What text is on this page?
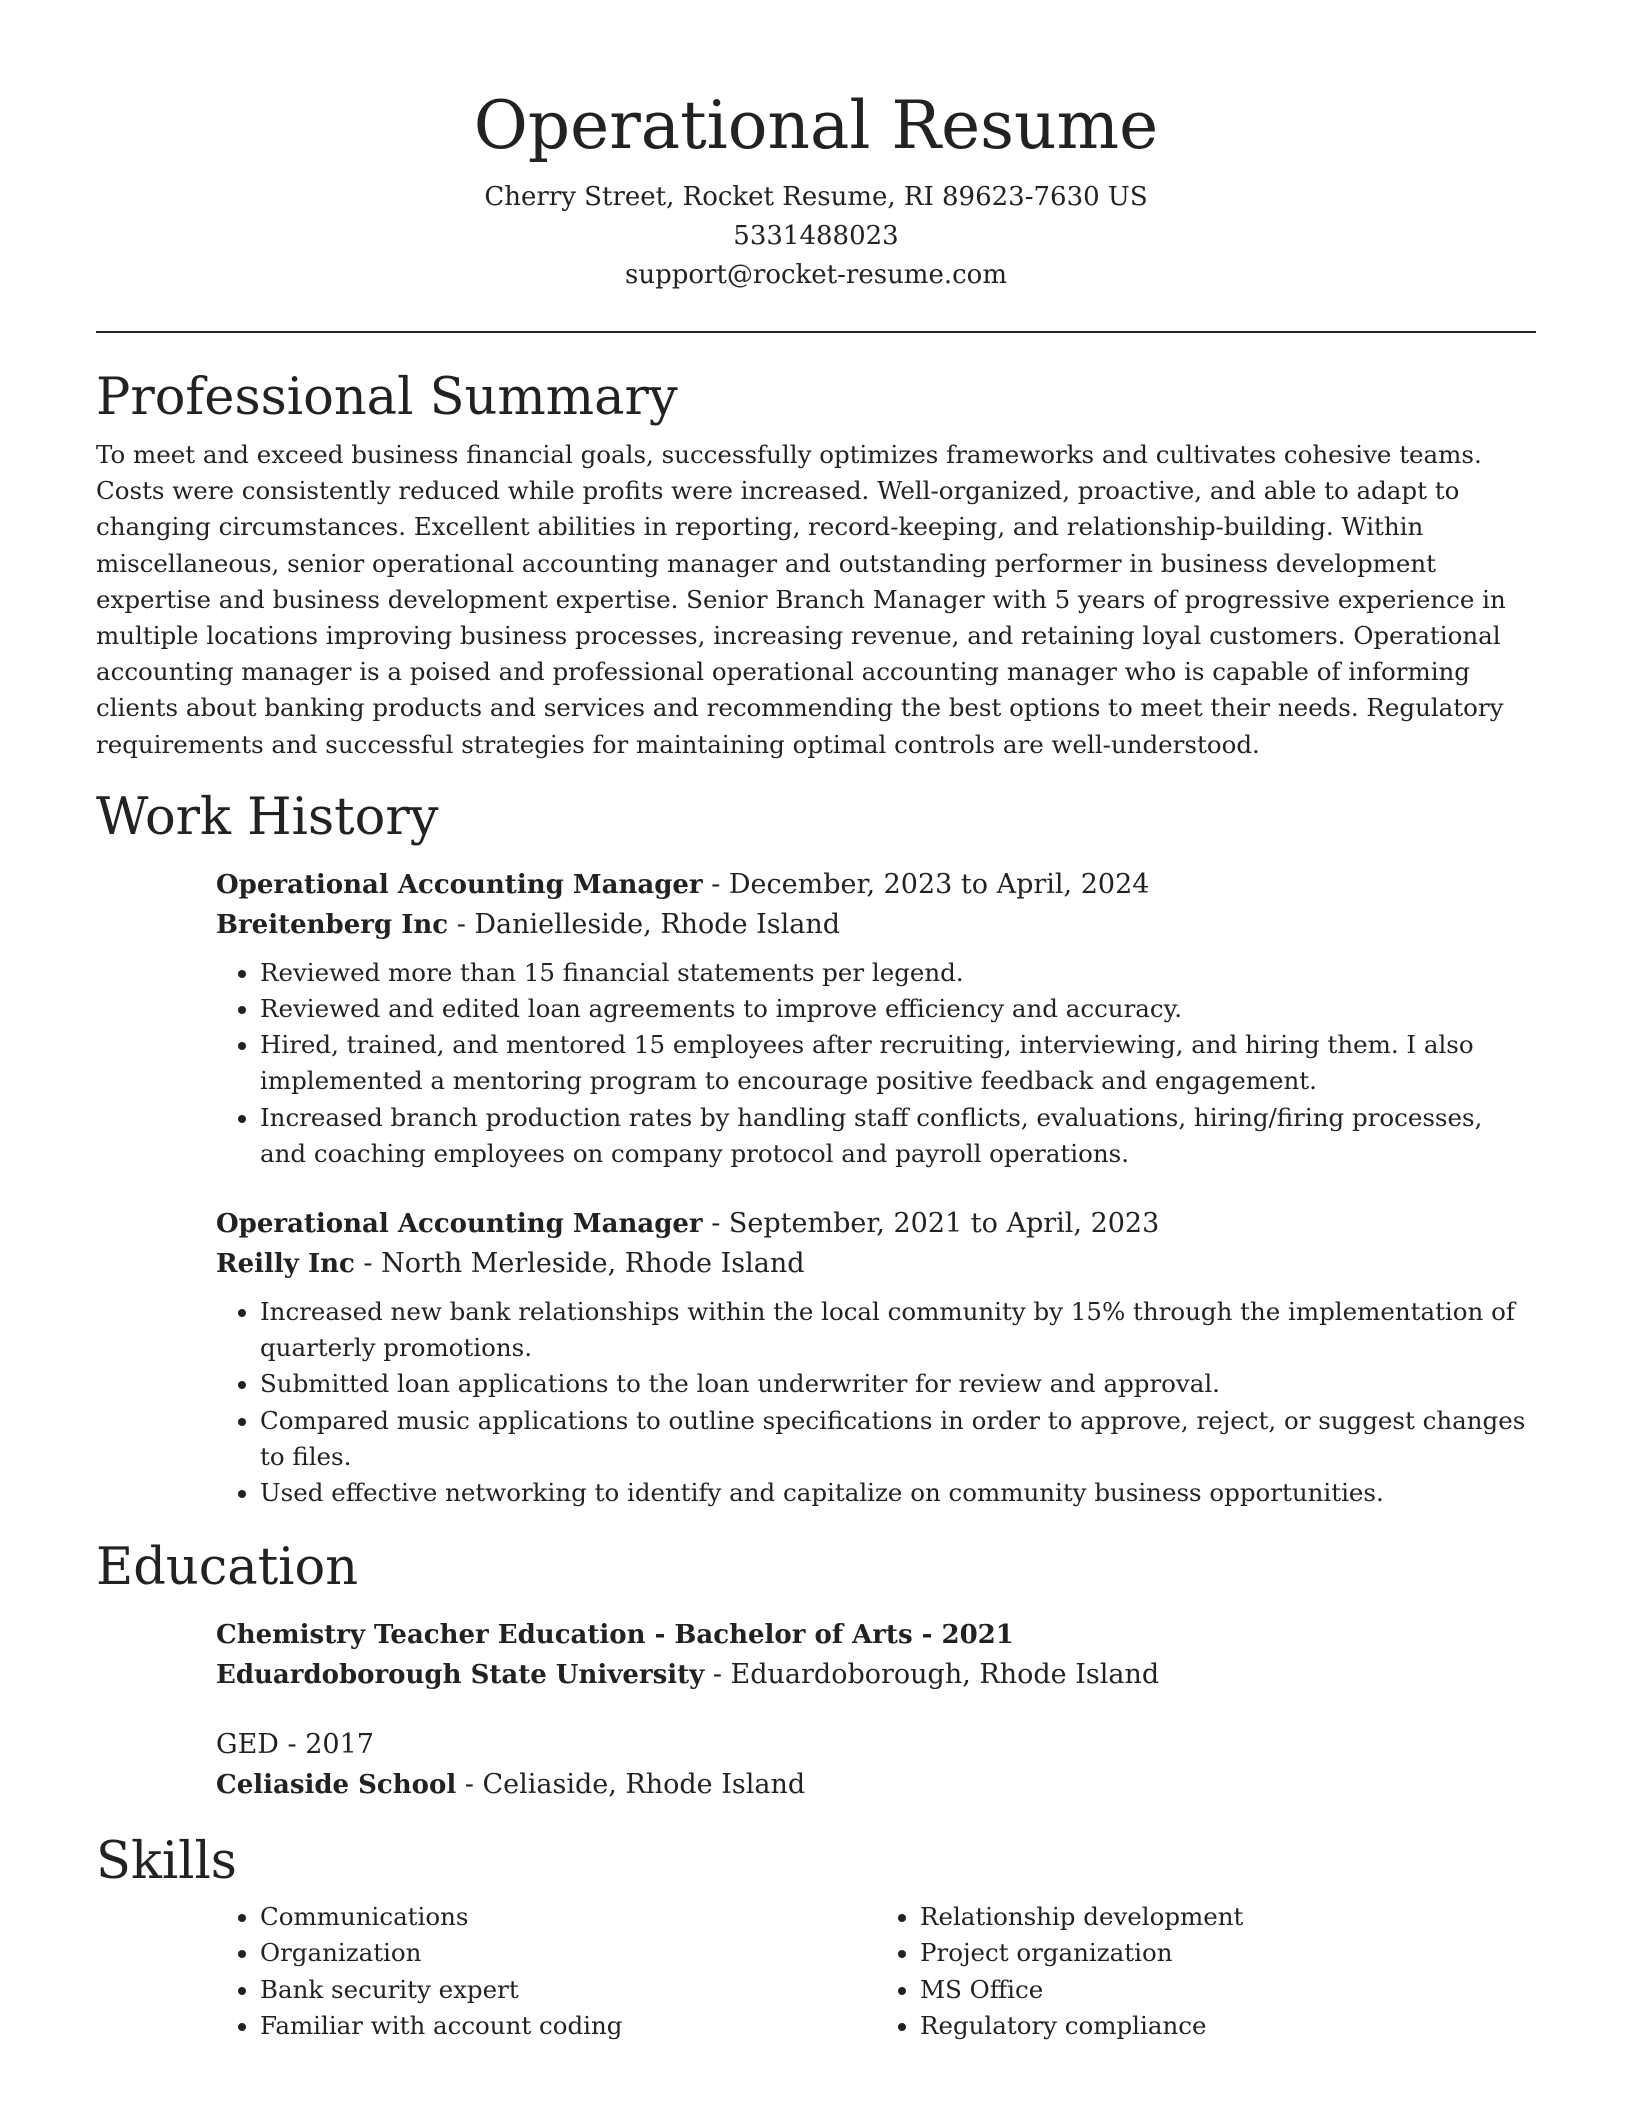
Operational Resume
Cherry Street, Rocket Resume, RI 89623-7630 US
5331488023
support@rocket-resume.com
Professional Summary

To meet and exceed business financial goals, successfully optimizes frameworks and cultivates cohesive teams. Costs were consistently reduced while profits were increased. Well-organized, proactive, and able to adapt to changing circumstances. Excellent abilities in reporting, record-keeping, and relationship-building. Within miscellaneous, senior operational accounting manager and outstanding performer in business development expertise and business development expertise. Senior Branch Manager with 5 years of progressive experience in multiple locations improving business processes, increasing revenue, and retaining loyal customers. Operational accounting manager is a poised and professional operational accounting manager who is capable of informing clients about banking products and services and recommending the best options to meet their needs. Regulatory requirements and successful strategies for maintaining optimal controls are well-understood.

Work History
Operational Accounting Manager - December, 2023 to April, 2024
Breitenberg Inc - Danielleside, Rhode Island
• Reviewed more than 15 financial statements per legend.
• Reviewed and edited loan agreements to improve efficiency and accuracy.
• Hired, trained, and mentored 15 employees after recruiting, interviewing, and hiring them. I also implemented a mentoring program to encourage positive feedback and engagement.
• Increased branch production rates by handling staff conflicts, evaluations, hiring/firing processes, and coaching employees on company protocol and payroll operations.
Operational Accounting Manager - September, 2021 to April, 2023
Reilly Inc - North Merleside, Rhode Island
• Increased new bank relationships within the local community by 15% through the implementation of quarterly promotions.
• Submitted loan applications to the loan underwriter for review and approval.
• Compared music applications to outline specifications in order to approve, reject, or suggest changes to files.
• Used effective networking to identify and capitalize on community business opportunities.
Education
Chemistry Teacher Education - Bachelor of Arts - 2021
Eduardoborough State University - Eduardoborough, Rhode Island
GED - 2017
Celiaside School - Celiaside, Rhode Island
Skills
• Communications
• Organization
• Bank security expert
• Familiar with account coding
• Relationship development
• Project organization
• MS Office
• Regulatory compliance
